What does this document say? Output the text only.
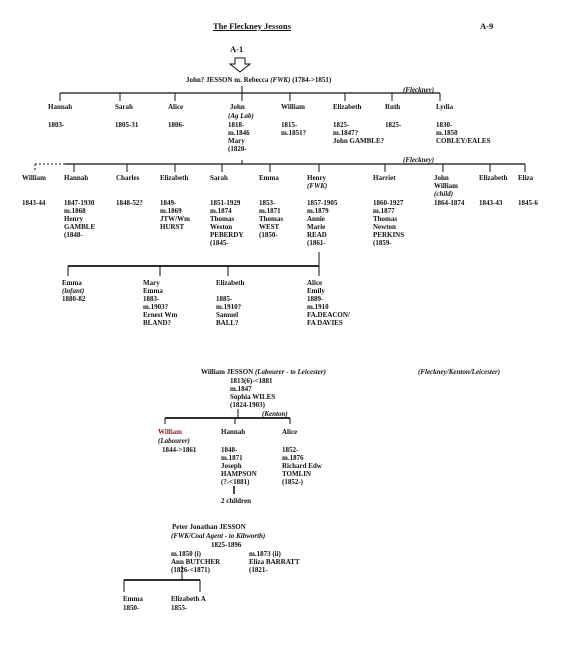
The Fleckney Jessons	A-9
A-1
John? JESSON m. Rebecca (FWK) (1784->1851)
(Fleckney)
Hannah
1803-
Sarah
1805-31
Alice
1806-
John
(Ag Lab)
1818-
m.1846
Mary
(1820-
William
1815-
m.1851?
Elizabeth
1825-
m.1847?
John GAMBLE?
Ruth
1825-
Lydia
1830-
m.1850
COBLEY/EALES
(Fleckney)
William
1843-44
Hannah
1847-1930
m.1868
Henry
GAMBLE
(1848-
Charles
1848-52?
Elizabeth
1849-
m.1869
JTW/Wm
HURST
Sarah
1851-1929
m.1874
Thomas
Weston
PEBERDY
(1845-
Emma
1853-
m.1871
Thomas
WEST
(1850-
Henry
(FWK)
1857-1905
m.1879
Annie
Marie
READ
(1861-
Harriet
1860-1927
m.1877
Thomas
Newton
PERKINS
(1859-
John
William
(child)
1864-1874
Elizabeth
1843-43
Eliza
1845-6
Emma
(infant)
1880-82
Mary
Emma
1883-
m.1903?
Ernest Wm
BLAND?
Elizabeth
1885-
m.1910?
Samuel
BALL?
Alice
Emily
1889-
m.1910
FA.DEACON/
FA DAVIES
William JESSON (Labourer - to Leicester)
1813(6)-<1881
m.1847
Sophia WILES
(1824-1903)
(Fleckney/Kenton/Leicester)
(Kenton)
William
(Labourer)
1844->1861
Hannah
1848-
m.1871
Joseph
HAMPSON
(?-<1881)
Alice
1852-
m.1876
Richard Edw
TOMLIN
(1852-)
2 children
Peter Jonathan JESSON
(FWK/Coal Agent - to Kibworth)
1825-1896
m.1850 (i)
Ann BUTCHER
(1826-<1871)
m.1873 (ii)
Eliza BARRATT
(1821-
Emma
1850-
Elizabeth A
1855-
